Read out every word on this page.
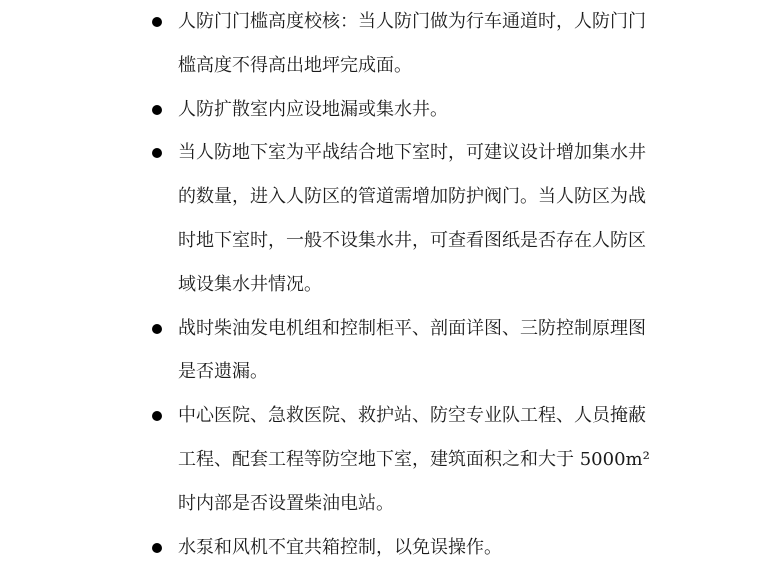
人防门门槛高度校核：当人防门做为行车通道时，人防门门
槛高度不得高出地坪完成面。
人防扩散室内应设地漏或集水井。
当人防地下室为平战结合地下室时，可建议设计增加集水井
的数量，进入人防区的管道需增加防护阀门。当人防区为战
时地下室时，一般不设集水井，可查看图纸是否存在人防区
域设集水井情况。
战时柴油发电机组和控制柜平、剖面详图、三防控制原理图
是否遗漏。
中心医院、急救医院、救护站、防空专业队工程、人员掩蔽
工程、配套工程等防空地下室，建筑面积之和大于 5000m²
时内部是否设置柴油电站。
水泵和风机不宜共箱控制，以免误操作。
